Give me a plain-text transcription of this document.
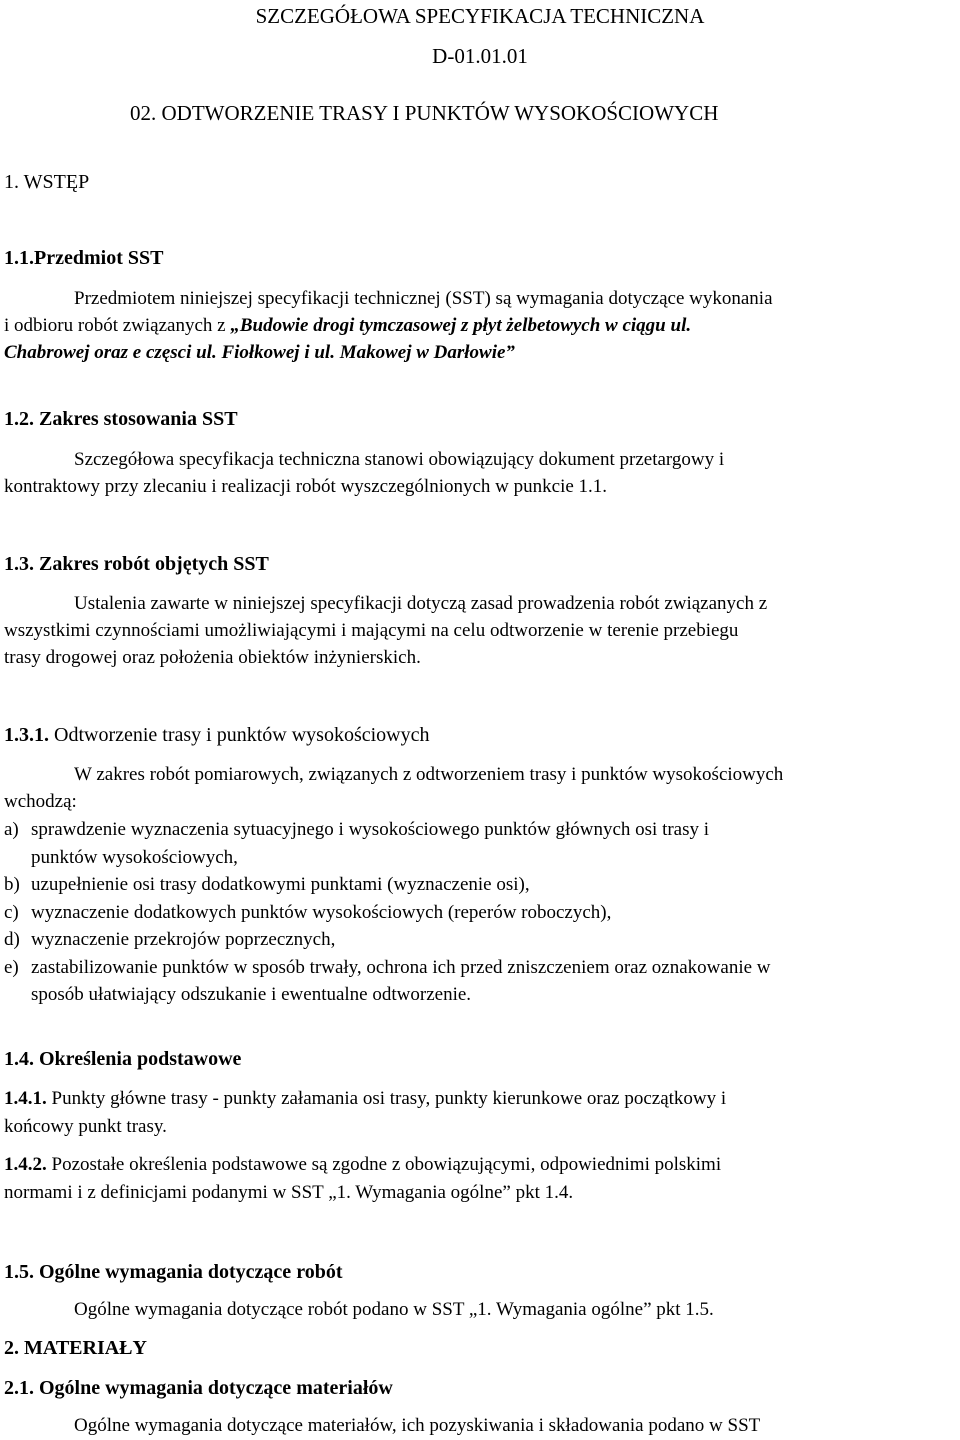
SZCZEGÓŁOWA SPECYFIKACJA TECHNICZNA

D-01.01.01

02. ODTWORZENIE TRASY I PUNKTÓW WYSOKOŚCIOWYCH

1. WSTĘP

1.1.Przedmiot SST

Przedmiotem niniejszej specyfikacji technicznej (SST) są wymagania dotyczące wykonania

i odbioru robót związanych z „Budowie drogi tymczasowej z płyt żelbetowych w ciągu ul.

Chabrowej oraz e częsci ul. Fiołkowej i ul. Makowej w Darłowie”

1.2. Zakres stosowania SST

Szczegółowa specyfikacja techniczna stanowi obowiązujący dokument przetargowy i

kontraktowy przy zlecaniu i realizacji robót wyszczególnionych w punkcie 1.1.

1.3. Zakres robót objętych SST

Ustalenia zawarte w niniejszej specyfikacji dotyczą zasad prowadzenia robót związanych z

wszystkimi czynnościami umożliwiającymi i mającymi na celu odtworzenie w terenie przebiegu

trasy drogowej oraz położenia obiektów inżynierskich.

1.3.1. Odtworzenie trasy i punktów wysokościowych

W zakres robót pomiarowych, związanych z odtworzeniem trasy i punktów wysokościowych

wchodzą:

a) sprawdzenie wyznaczenia sytuacyjnego i wysokościowego punktów głównych osi trasy i

punktów wysokościowych,

b) uzupełnienie osi trasy dodatkowymi punktami (wyznaczenie osi),

c) wyznaczenie dodatkowych punktów wysokościowych (reperów roboczych),

d) wyznaczenie przekrojów poprzecznych,

e) zastabilizowanie punktów w sposób trwały, ochrona ich przed zniszczeniem oraz oznakowanie w

sposób ułatwiający odszukanie i ewentualne odtworzenie.

1.4. Określenia podstawowe

1.4.1. Punkty główne trasy - punkty załamania osi trasy, punkty kierunkowe oraz początkowy i

końcowy punkt trasy.

1.4.2. Pozostałe określenia podstawowe są zgodne z obowiązującymi, odpowiednimi polskimi

normami i z definicjami podanymi w SST „1. Wymagania ogólne” pkt 1.4.

1.5. Ogólne wymagania dotyczące robót

Ogólne wymagania dotyczące robót podano w SST „1. Wymagania ogólne” pkt 1.5.

2. MATERIAŁY

2.1. Ogólne wymagania dotyczące materiałów

Ogólne wymagania dotyczące materiałów, ich pozyskiwania i składowania podano w SST
